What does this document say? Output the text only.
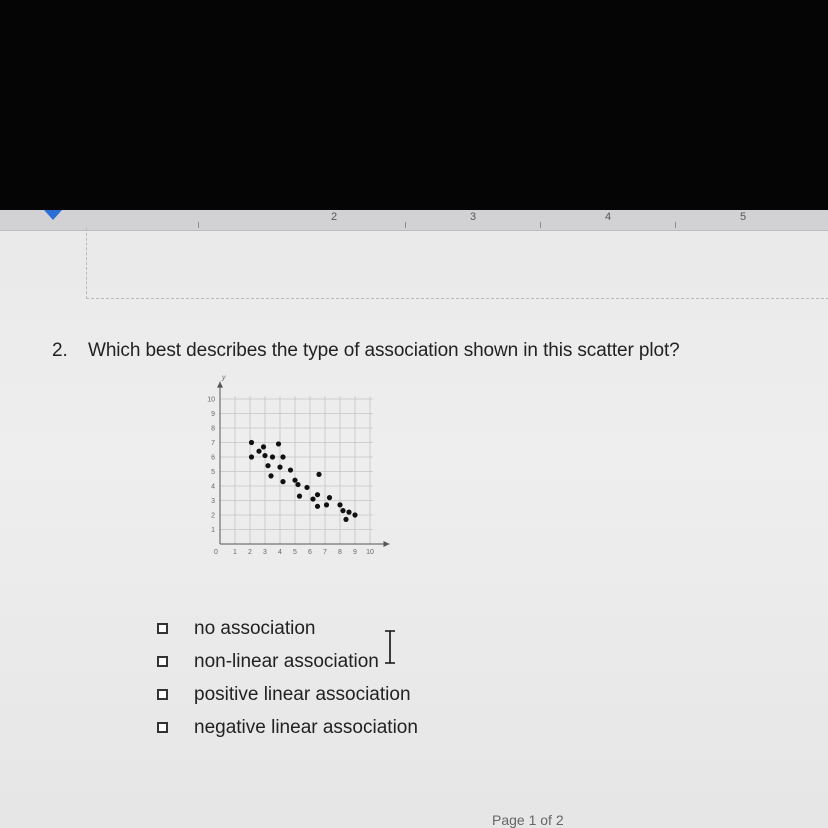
2	3	4	5
2. Which best describes the type of association shown in this scatter plot?
1 2 3 4 5 6 7 8 9 10
1
2
3
4
5
6
7
8
9
10
0
y
no association
non-linear association
positive linear association
negative linear association
Page 1 of 2
